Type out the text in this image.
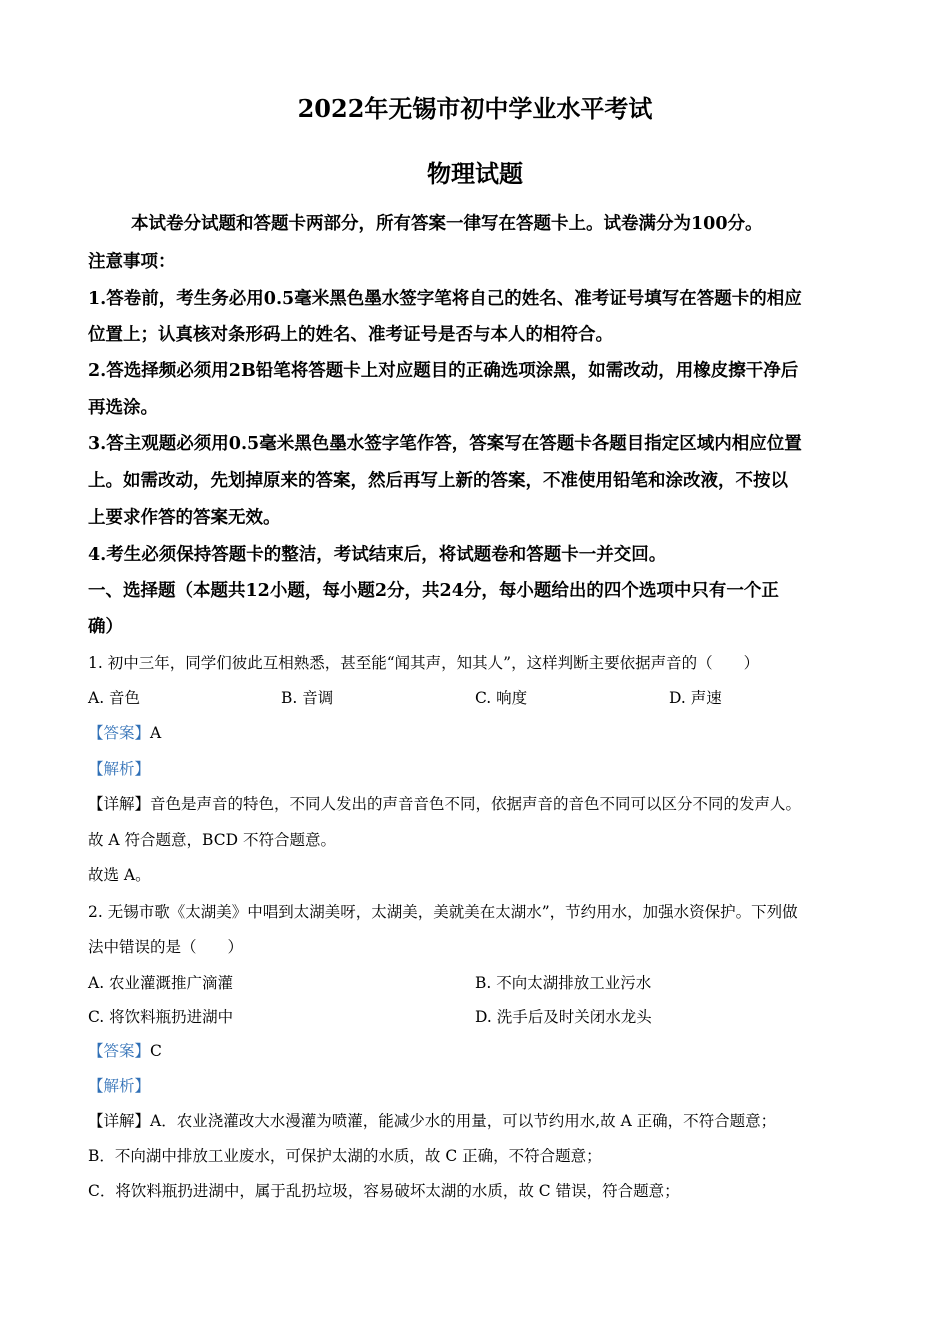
2022年无锡市初中学业水平考试
物理试题
本试卷分试题和答题卡两部分，所有答案一律写在答题卡上。试卷满分为100分。
注意事项：
1.答卷前，考生务必用0.5毫米黑色墨水签字笔将自己的姓名、准考证号填写在答题卡的相应
位置上；认真核对条形码上的姓名、准考证号是否与本人的相符合。
2.答选择频必须用2B铅笔将答题卡上对应题目的正确选项涂黑，如需改动，用橡皮擦干净后
再选涂。
3.答主观题必须用0.5毫米黑色墨水签字笔作答，答案写在答题卡各题目指定区域内相应位置
上。如需改动，先划掉原来的答案，然后再写上新的答案，不准使用铅笔和涂改液，不按以
上要求作答的答案无效。
4.考生必须保持答题卡的整洁，考试结束后，将试题卷和答题卡一并交回。
一、选择题（本题共12小题，每小题2分，共24分，每小题给出的四个选项中只有一个正
确）
1. 初中三年，同学们彼此互相熟悉，甚至能“闻其声，知其人”，这样判断主要依据声音的（　　）
A. 音色	B. 音调	C. 响度	D. 声速
【答案】A
【解析】
【详解】音色是声音的特色，不同人发出的声音音色不同，依据声音的音色不同可以区分不同的发声人。
故 A 符合题意，BCD 不符合题意。
故选 A。
2. 无锡市歌《太湖美》中唱到太湖美呀，太湖美，美就美在太湖水”，节约用水，加强水资保护。下列做
法中错误的是（　　）
A. 农业灌溉推广滴灌	B. 不向太湖排放工业污水
C. 将饮料瓶扔进湖中	D. 洗手后及时关闭水龙头
【答案】C
【解析】
【详解】A．农业浇灌改大水漫灌为喷灌，能减少水的用量，可以节约用水,故 A 正确，不符合题意；
B．不向湖中排放工业废水，可保护太湖的水质，故 C 正确，不符合题意；
C．将饮料瓶扔进湖中，属于乱扔垃圾，容易破坏太湖的水质，故 C 错误，符合题意；
